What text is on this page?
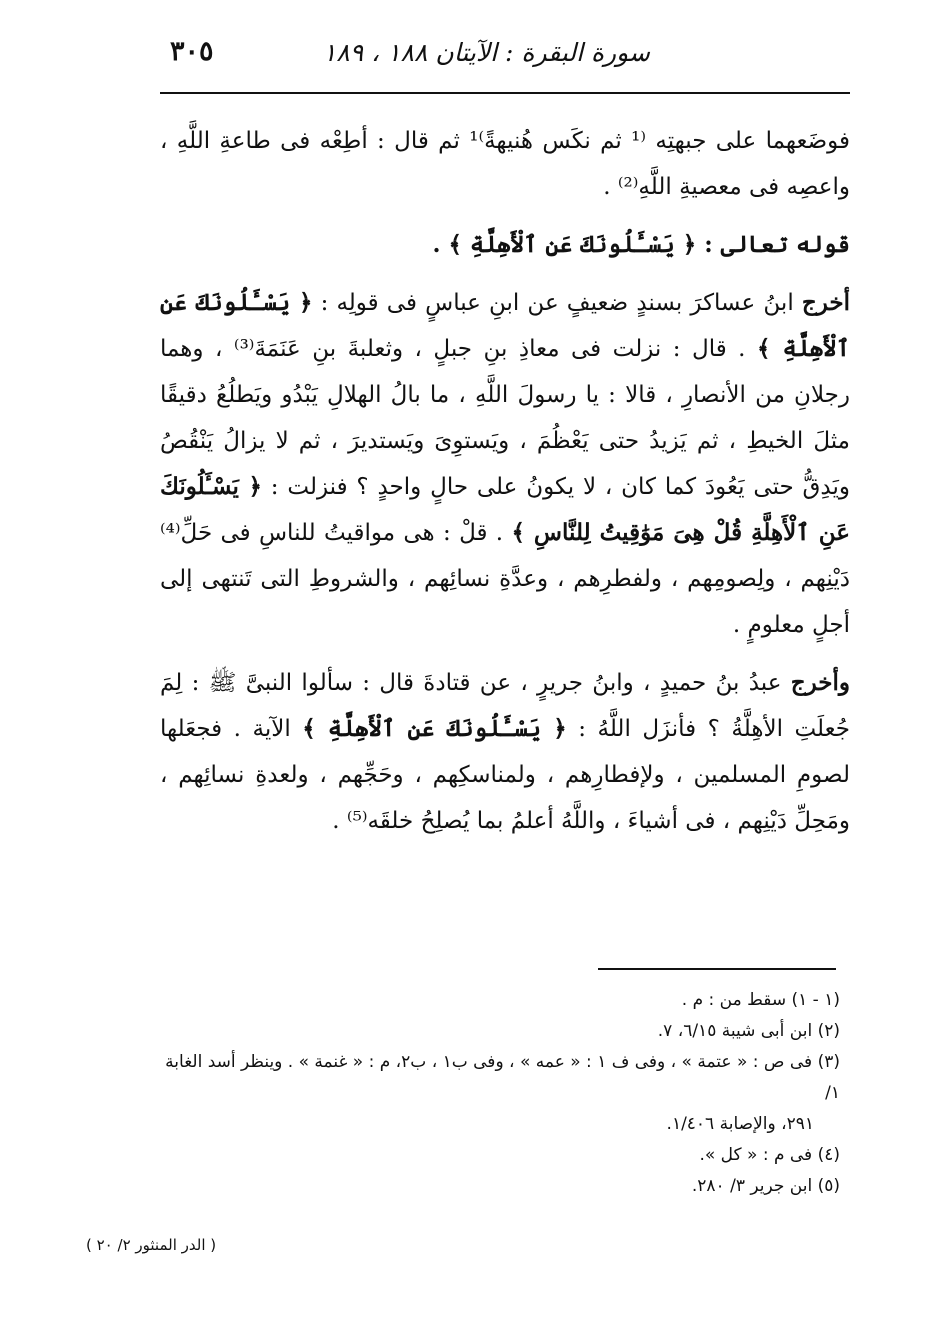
٣٠٥	سورة البقرة : الآيتان ١٨٨ ، ١٨٩

فوضَعهما على جبهتِه ⁽¹ ثم نكَس هُنيهةً⁾¹ ثم قال : أطِعْه فى طاعةِ اللَّهِ ، واعصِه فى معصيةِ اللَّهِ⁽²⁾ .

قوله تعالى : ﴿ يَسْـَٔلُونَكَ عَنِ ٱلْأَهِلَّةِ ﴾ .

أخرج ابنُ عساكرَ بسندٍ ضعيفٍ عن ابنِ عباسٍ فى قولِه : ﴿ يَسْـَٔلُونَكَ عَنِ ٱلْأَهِلَّةِ ﴾ . قال : نزلت فى معاذِ بنِ جبلٍ ، وثعلبةَ بنِ عَنَمَةَ⁽³⁾ ، وهما رجلانِ من الأنصارِ ، قالا : يا رسولَ اللَّهِ ، ما بالُ الهلالِ يَبْدُو ويَطلُعُ دقيقًا مثلَ الخيطِ ، ثم يَزيدُ حتى يَعْظُمَ ، ويَستوِىَ ويَستديرَ ، ثم لا يزالُ يَنْقُصُ ويَدِقُّ حتى يَعُودَ كما كان ، لا يكونُ على حالٍ واحدٍ ؟ فنزلت : ﴿ يَسْـَٔلُونَكَ عَنِ ٱلْأَهِلَّةِ قُلْ هِىَ مَوَٰقِيتُ لِلنَّاسِ ﴾ . قلْ : هى مواقيتُ للناسِ فى حَلِّ⁽⁴⁾ دَيْنِهم ، ولِصومِهم ، ولفطرِهم ، وعدَّةِ نسائِهم ، والشروطِ التى تَنتهى إلى أجلٍ معلومٍ .

وأخرج عبدُ بنُ حميدٍ ، وابنُ جريرٍ ، عن قتادةَ قال : سألوا النبىَّ ﷺ : لِمَ جُعلَتِ الأهِلَّةُ ؟ فأنزَل اللَّهُ : ﴿ يَسْـَٔلُونَكَ عَنِ ٱلْأَهِلَّةِ ﴾ الآية . فجعَلها لصومِ المسلمين ، ولإفطارِهم ، ولمناسكِهم ، وحَجِّهم ، ولعدةِ نسائِهم ، ومَحِلِّ دَيْنِهم ، فى أشياءَ ، واللَّهُ أعلمُ بما يُصلِحُ خلقَه⁽⁵⁾ .

(١ - ١) سقط من : م .

(٢) ابن أبى شيبة ٦/١٥، ٧.

(٣) فى ص : « عتمة » ، وفى ف ١ : « عمه » ، وفى ب١ ، ب٢، م : « غنمة » . وينظر أسد الغابة ١/

٢٩١، والإصابة ١/٤٠٦.

(٤) فى م : « كل ».

(٥) ابن جرير ٣/ ٢٨٠.

( الدر المنثور ٢/ ٢٠ )
